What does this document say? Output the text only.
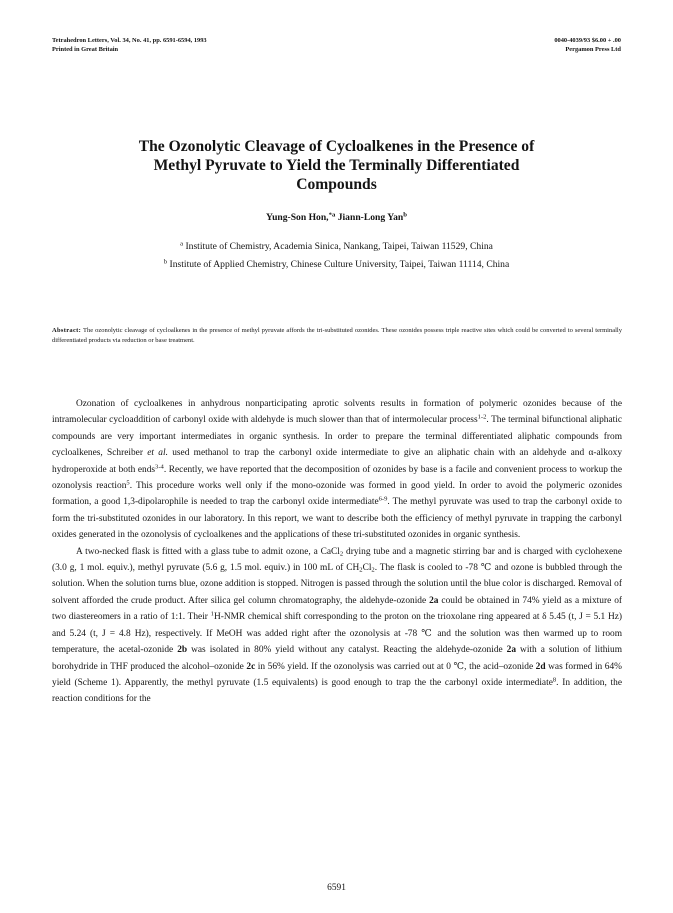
Tetrahedron Letters, Vol. 34, No. 41, pp. 6591-6594, 1993
Printed in Great Britain
0040-4039/93 $6.00 + .00
Pergamon Press Ltd
The Ozonolytic Cleavage of Cycloalkenes in the Presence of
Methyl Pyruvate to Yield the Terminally Differentiated
Compounds
Yung-Son Hon,$^{*a}$ Jiann-Long Yan$^b$
$^a$ Institute of Chemistry, Academia Sinica, Nankang, Taipei, Taiwan 11529, China
$^b$ Institute of Applied Chemistry, Chinese Culture University, Taipei, Taiwan 11114, China
Abstract: The ozonolytic cleavage of cycloalkenes in the presence of methyl pyruvate affords the tri-substituted ozonides. These ozonides possess triple reactive sites which could be converted to several terminally differentiated products via reduction or base treatment.

Ozonation of cycloalkenes in anhydrous nonparticipating aprotic solvents results in formation of polymeric ozonides because of the intramolecular cycloaddition of carbonyl oxide with aldehyde is much slower than that of intermolecular process$^{1-2}$. The terminal bifunctional aliphatic compounds are very important intermediates in organic synthesis. In order to prepare the terminal differentiated aliphatic compounds from cycloalkenes, Schreiber et al. used methanol to trap the carbonyl oxide intermediate to give an aliphatic chain with an aldehyde and α-alkoxy hydroperoxide at both ends$^{3-4}$. Recently, we have reported that the decomposition of ozonides by base is a facile and convenient process to workup the ozonolysis reaction$^5$. This procedure works well only if the mono-ozonide was formed in good yield. In order to avoid the polymeric ozonides formation, a good 1,3-dipolarophile is needed to trap the carbonyl oxide intermediate$^{6-9}$. The methyl pyruvate was used to trap the carbonyl oxide to form the tri-substituted ozonides in our laboratory. In this report, we want to describe both the efficiency of methyl pyruvate in trapping the carbonyl oxides generated in the ozonolysis of cycloalkenes and the applications of these tri-substituted ozonides in organic synthesis.

A two-necked flask is fitted with a glass tube to admit ozone, a CaCl$_2$ drying tube and a magnetic stirring bar and is charged with cyclohexene (3.0 g, 1 mol. equiv.), methyl pyruvate (5.6 g, 1.5 mol. equiv.) in 100 mL of $CH_2Cl_2$. The flask is cooled to -78 ℃ and ozone is bubbled through the solution. When the solution turns blue, ozone addition is stopped. Nitrogen is passed through the solution until the blue color is discharged. Removal of solvent afforded the crude product. After silica gel column chromatography, the aldehyde-ozonide 2a could be obtained in 74% yield as a mixture of two diastereomers in a ratio of 1:1. Their $^1$H-NMR chemical shift corresponding to the proton on the trioxolane ring appeared at δ 5.45 (t, J = 5.1 Hz) and 5.24 (t, J = 4.8 Hz), respectively. If MeOH was added right after the ozonolysis at -78 ℃ and the solution was then warmed up to room temperature, the acetal-ozonide 2b was isolated in 80% yield without any catalyst. Reacting the aldehyde-ozonide 2a with a solution of lithium borohydride in THF produced the alcohol–ozonide 2c in 56% yield. If the ozonolysis was carried out at 0 ℃, the acid–ozonide 2d was formed in 64% yield (Scheme 1). Apparently, the methyl pyruvate (1.5 equivalents) is good enough to trap the the carbonyl oxide intermediate$^8$. In addition, the reaction conditions for the

6591
